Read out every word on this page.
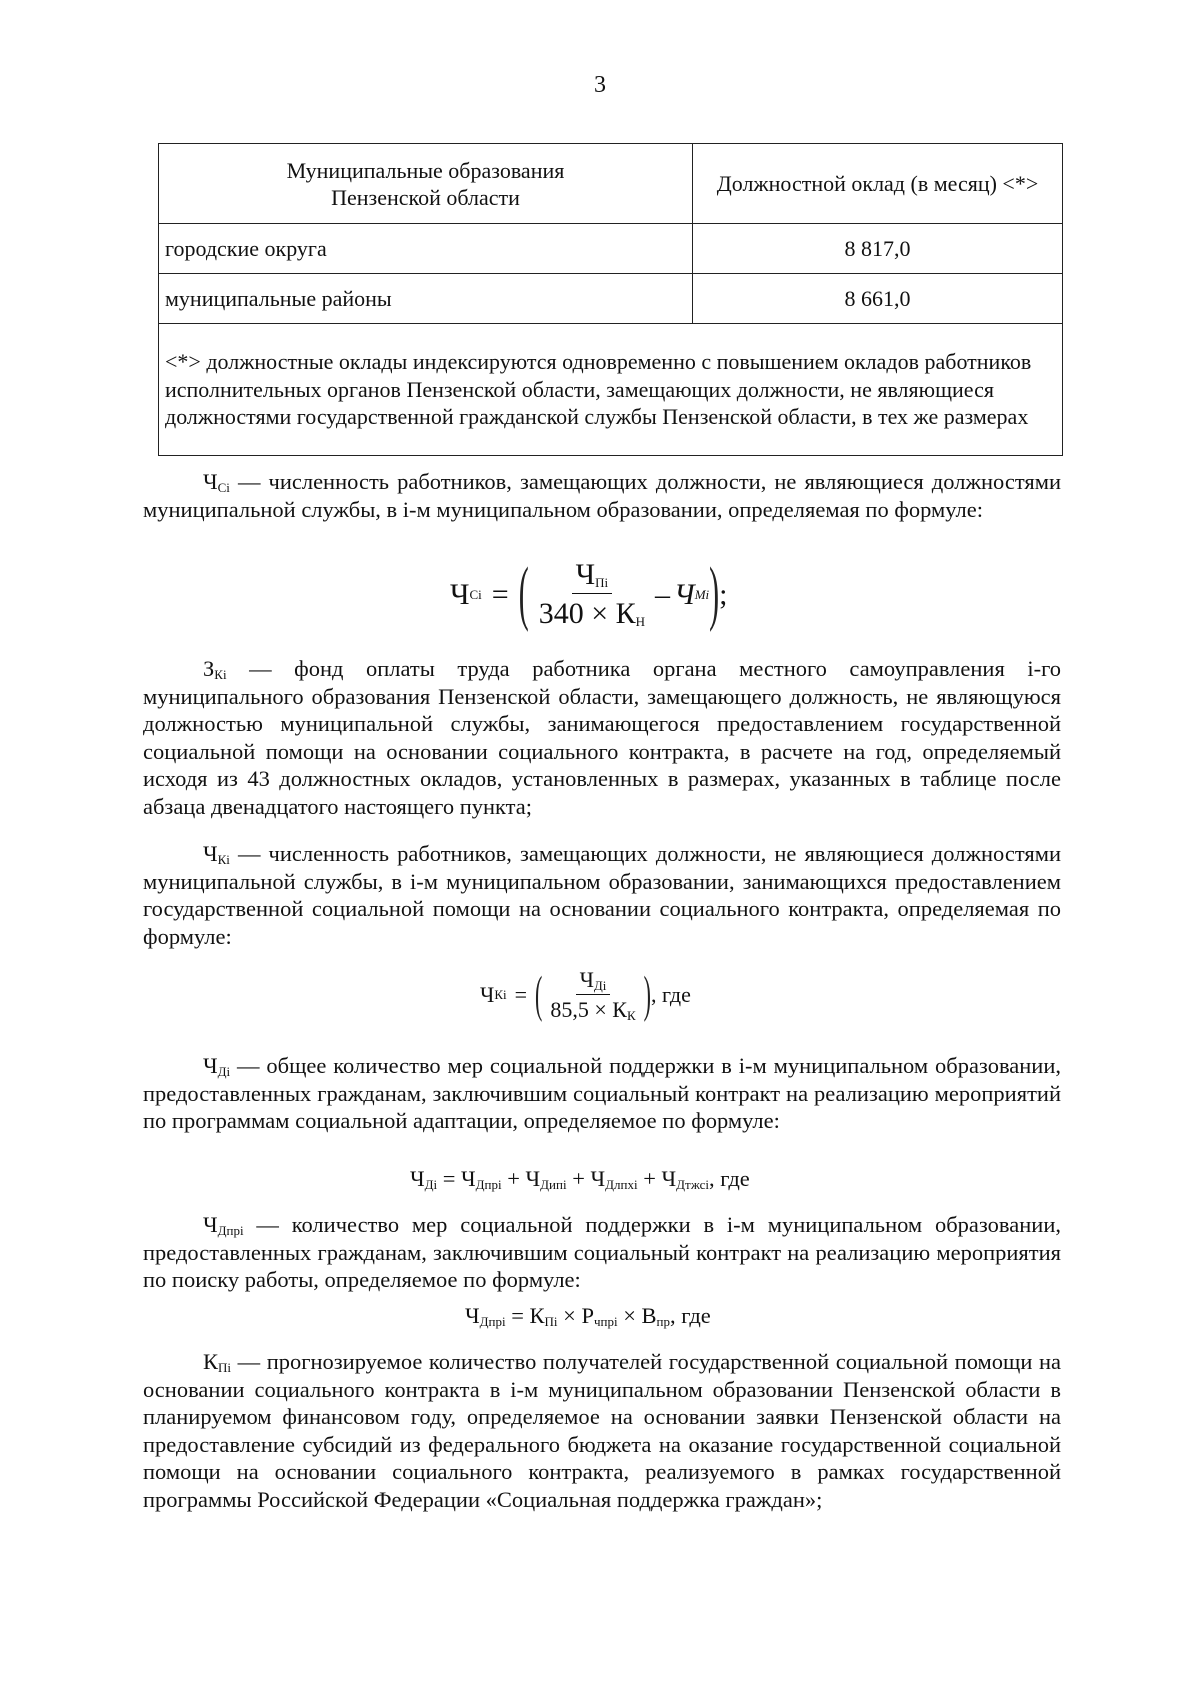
3
Муниципальные образования
Пензенской области	Должностной оклад (в месяц) <*>
городские округа	8 817,0
муниципальные районы	8 661,0
<*> должностные оклады индексируются одновременно с повышением окладов работников исполнительных органов Пензенской области, замещающих должности, не являющиеся должностями государственной гражданской службы Пензенской области, в тех же размерах	

$Ч_{Сi}$ — численность работников, замещающих должности, не являющиеся должностями муниципальной службы, в i-м муниципальном образовании, определяемая по формуле:

Ч Сi = ( $\frac{Ч_{Пi}}{340 \times К_Н}$ – Ч Mi ) ;

$З_{Кi}$ — фонд оплаты труда работника органа местного самоуправления i-го муниципального образования Пензенской области, замещающего должность, не являющуюся должностью муниципальной службы, занимающегося предоставлением государственной социальной помощи на основании социального контракта, в расчете на год, определяемый исходя из 43 должностных окладов, установленных в размерах, указанных в таблице после абзаца двенадцатого настоящего пункта;

$Ч_{Кi}$ — численность работников, замещающих должности, не являющиеся должностями муниципальной службы, в i-м муниципальном образовании, занимающихся предоставлением государственной социальной помощи на основании социального контракта, определяемая по формуле:

Ч Кi = ( $\frac{Ч_{Дi}}{85,5 \times К_К}$ ) , где

$Ч_{Дi}$ — общее количество мер социальной поддержки в i-м муниципальном образовании, предоставленных гражданам, заключившим социальный контракт на реализацию мероприятий по программам социальной адаптации, определяемое по формуле:

$Ч_{Дi} = Ч_{Дпрi} + Ч_{Дипi} + Ч_{Длпхi} + Ч_{Дтжсi}$, где

$Ч_{Дпрi}$ — количество мер социальной поддержки в i-м муниципальном образовании, предоставленных гражданам, заключившим социальный контракт на реализацию мероприятия по поиску работы, определяемое по формуле:

$Ч_{Дпрi} = К_{Пi} \times Р_{чпрi} \times В_{пр}$, где

$К_{Пi}$ — прогнозируемое количество получателей государственной социальной помощи на основании социального контракта в i-м муниципальном образовании Пензенской области в планируемом финансовом году, определяемое на основании заявки Пензенской области на предоставление субсидий из федерального бюджета на оказание государственной социальной помощи на основании социального контракта, реализуемого в рамках государственной программы Российской Федерации «Социальная поддержка граждан»;
